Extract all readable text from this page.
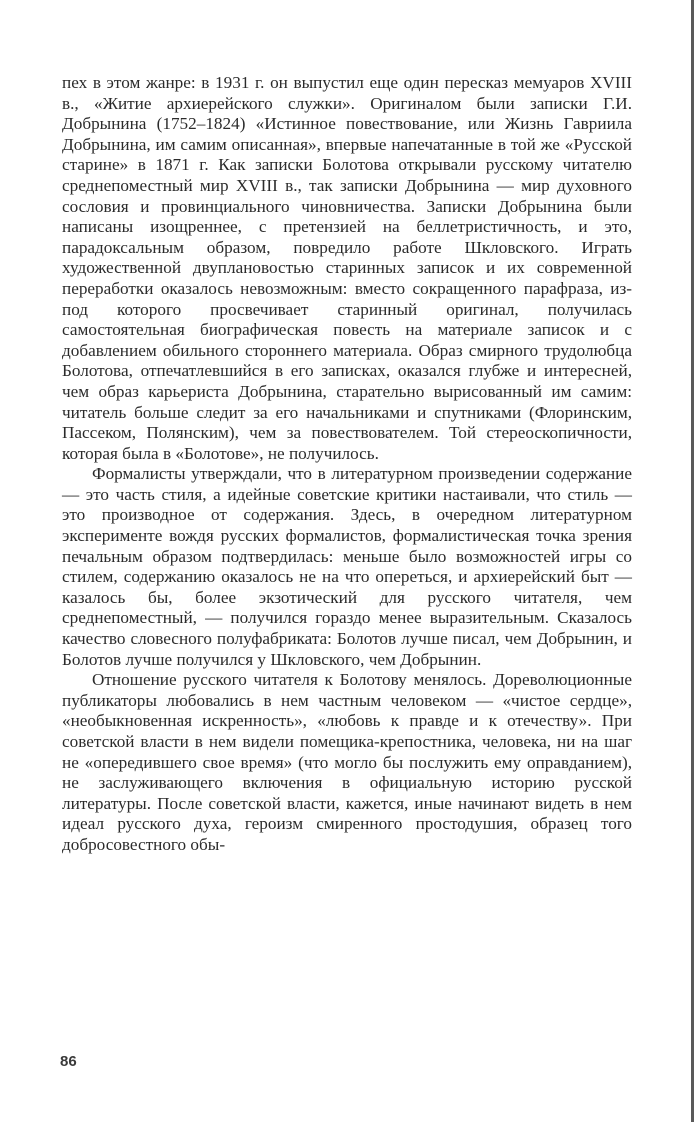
пех в этом жанре: в 1931 г. он выпустил еще один пересказ мемуаров XVIII в., «Житие архиерейского служки». Оригиналом были записки Г.И. Добрынина (1752–1824) «Истинное повествование, или Жизнь Гавриила Добрынина, им самим описанная», впервые напечатанные в той же «Русской старине» в 1871 г. Как записки Болотова открывали русскому читателю среднепоместный мир XVIII в., так записки Добрынина — мир духовного сословия и провинциального чиновничества. Записки Добрынина были написаны изощреннее, с претензией на беллетристичность, и это, парадоксальным образом, повредило работе Шкловского. Играть художественной двуплановостью старинных записок и их современной переработки оказалось невозможным: вместо сокращенного парафраза, из-под которого просвечивает старинный оригинал, получилась самостоятельная биографическая повесть на материале записок и с добавлением обильного стороннего материала. Образ смирного трудолюбца Болотова, отпечатлевшийся в его записках, оказался глубже и интересней, чем образ карьериста Добрынина, старательно вырисованный им самим: читатель больше следит за его начальниками и спутниками (Флоринским, Пассеком, Полянским), чем за повествователем. Той стереоскопичности, которая была в «Болотове», не получилось.

Формалисты утверждали, что в литературном произведении содержание — это часть стиля, а идейные советские критики настаивали, что стиль — это производное от содержания. Здесь, в очередном литературном эксперименте вождя русских формалистов, формалистическая точка зрения печальным образом подтвердилась: меньше было возможностей игры со стилем, содержанию оказалось не на что опереться, и архиерейский быт — казалось бы, более экзотический для русского читателя, чем среднепоместный, — получился гораздо менее выразительным. Сказалось качество словесного полуфабриката: Болотов лучше писал, чем Добрынин, и Болотов лучше получился у Шкловского, чем Добрынин.

Отношение русского читателя к Болотову менялось. Дореволюционные публикаторы любовались в нем частным человеком — «чистое сердце», «необыкновенная искренность», «любовь к правде и к отечеству». При советской власти в нем видели помещика-крепостника, человека, ни на шаг не «опередившего свое время» (что могло бы послужить ему оправданием), не заслуживающего включения в официальную историю русской литературы. После советской власти, кажется, иные начинают видеть в нем идеал русского духа, героизм смиренного простодушия, образец того добросовестного обы-

86
